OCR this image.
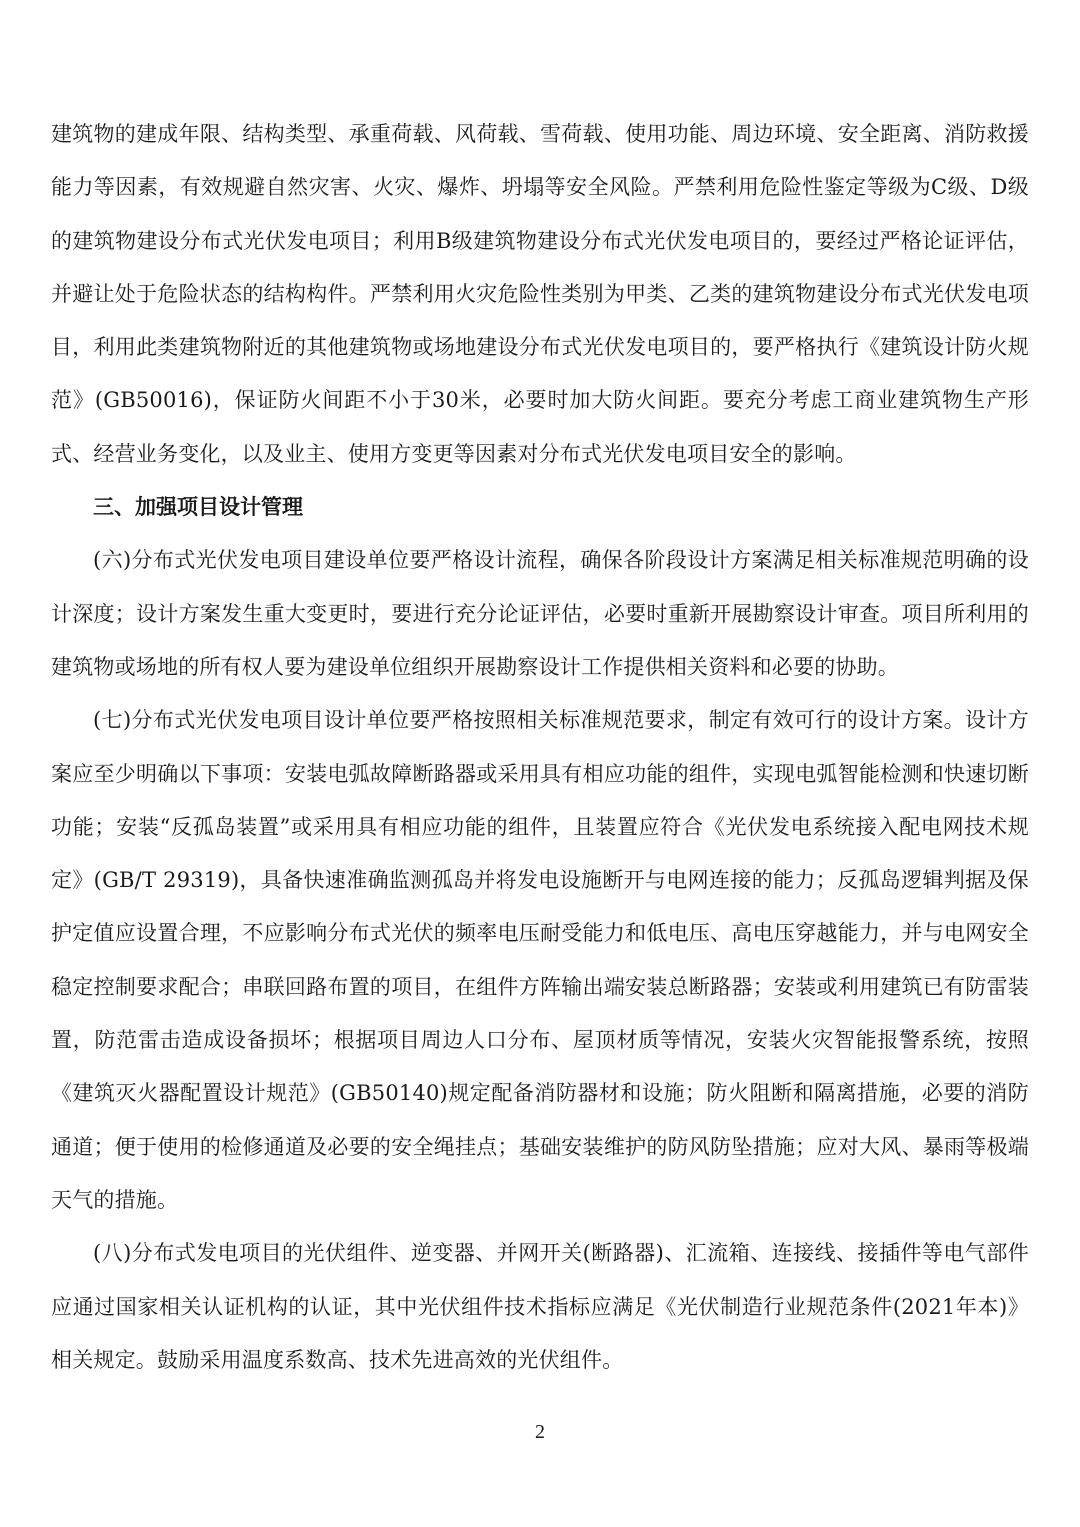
建筑物的建成年限、结构类型、承重荷载、风荷载、雪荷载、使用功能、周边环境、安全距离、消防救援能力等因素，有效规避自然灾害、火灾、爆炸、坍塌等安全风险。严禁利用危险性鉴定等级为C级、D级的建筑物建设分布式光伏发电项目；利用B级建筑物建设分布式光伏发电项目的，要经过严格论证评估，并避让处于危险状态的结构构件。严禁利用火灾危险性类别为甲类、乙类的建筑物建设分布式光伏发电项目，利用此类建筑物附近的其他建筑物或场地建设分布式光伏发电项目的，要严格执行《建筑设计防火规范》(GB50016)，保证防火间距不小于30米，必要时加大防火间距。要充分考虑工商业建筑物生产形式、经营业务变化，以及业主、使用方变更等因素对分布式光伏发电项目安全的影响。

三、加强项目设计管理

(六)分布式光伏发电项目建设单位要严格设计流程，确保各阶段设计方案满足相关标准规范明确的设计深度；设计方案发生重大变更时，要进行充分论证评估，必要时重新开展勘察设计审查。项目所利用的建筑物或场地的所有权人要为建设单位组织开展勘察设计工作提供相关资料和必要的协助。

(七)分布式光伏发电项目设计单位要严格按照相关标准规范要求，制定有效可行的设计方案。设计方案应至少明确以下事项：安装电弧故障断路器或采用具有相应功能的组件，实现电弧智能检测和快速切断功能；安装“反孤岛装置”或采用具有相应功能的组件，且装置应符合《光伏发电系统接入配电网技术规定》(GB/T 29319)，具备快速准确监测孤岛并将发电设施断开与电网连接的能力；反孤岛逻辑判据及保护定值应设置合理，不应影响分布式光伏的频率电压耐受能力和低电压、高电压穿越能力，并与电网安全稳定控制要求配合；串联回路布置的项目，在组件方阵输出端安装总断路器；安装或利用建筑已有防雷装置，防范雷击造成设备损坏；根据项目周边人口分布、屋顶材质等情况，安装火灾智能报警系统，按照《建筑灭火器配置设计规范》(GB50140)规定配备消防器材和设施；防火阻断和隔离措施，必要的消防通道；便于使用的检修通道及必要的安全绳挂点；基础安装维护的防风防坠措施；应对大风、暴雨等极端天气的措施。

(八)分布式发电项目的光伏组件、逆变器、并网开关(断路器)、汇流箱、连接线、接插件等电气部件应通过国家相关认证机构的认证，其中光伏组件技术指标应满足《光伏制造行业规范条件(2021年本)》相关规定。鼓励采用温度系数高、技术先进高效的光伏组件。

2
